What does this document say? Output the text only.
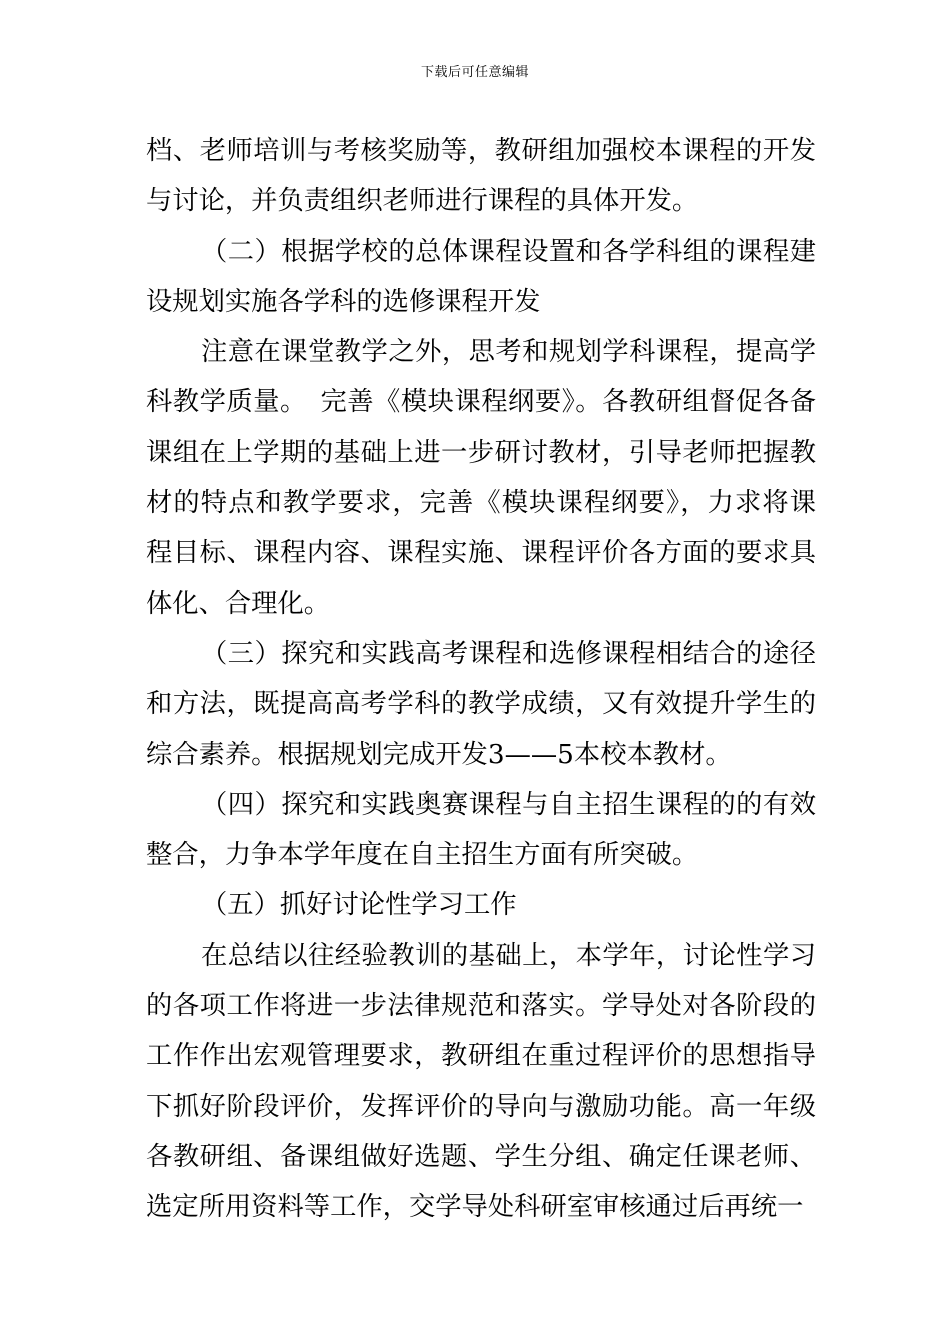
下载后可任意编辑

档、老师培训与考核奖励等，教研组加强校本课程的开发与讨论，并负责组织老师进行课程的具体开发。

（二）根据学校的总体课程设置和各学科组的课程建设规划实施各学科的选修课程开发

注意在课堂教学之外，思考和规划学科课程，提高学科教学质量。　完善《模块课程纲要》。各教研组督促各备课组在上学期的基础上进一步研讨教材，引导老师把握教材的特点和教学要求，完善《模块课程纲要》，力求将课程目标、课程内容、课程实施、课程评价各方面的要求具体化、合理化。

（三）探究和实践高考课程和选修课程相结合的途径和方法，既提高高考学科的教学成绩，又有效提升学生的综合素养。根据规划完成开发3——5本校本教材。

（四）探究和实践奥赛课程与自主招生课程的的有效整合，力争本学年度在自主招生方面有所突破。

（五）抓好讨论性学习工作

在总结以往经验教训的基础上，本学年，讨论性学习的各项工作将进一步法律规范和落实。学导处对各阶段的工作作出宏观管理要求，教研组在重过程评价的思想指导下抓好阶段评价，发挥评价的导向与激励功能。高一年级各教研组、备课组做好选题、学生分组、确定任课老师、选定所用资料等工作，交学导处科研室审核通过后再统一
